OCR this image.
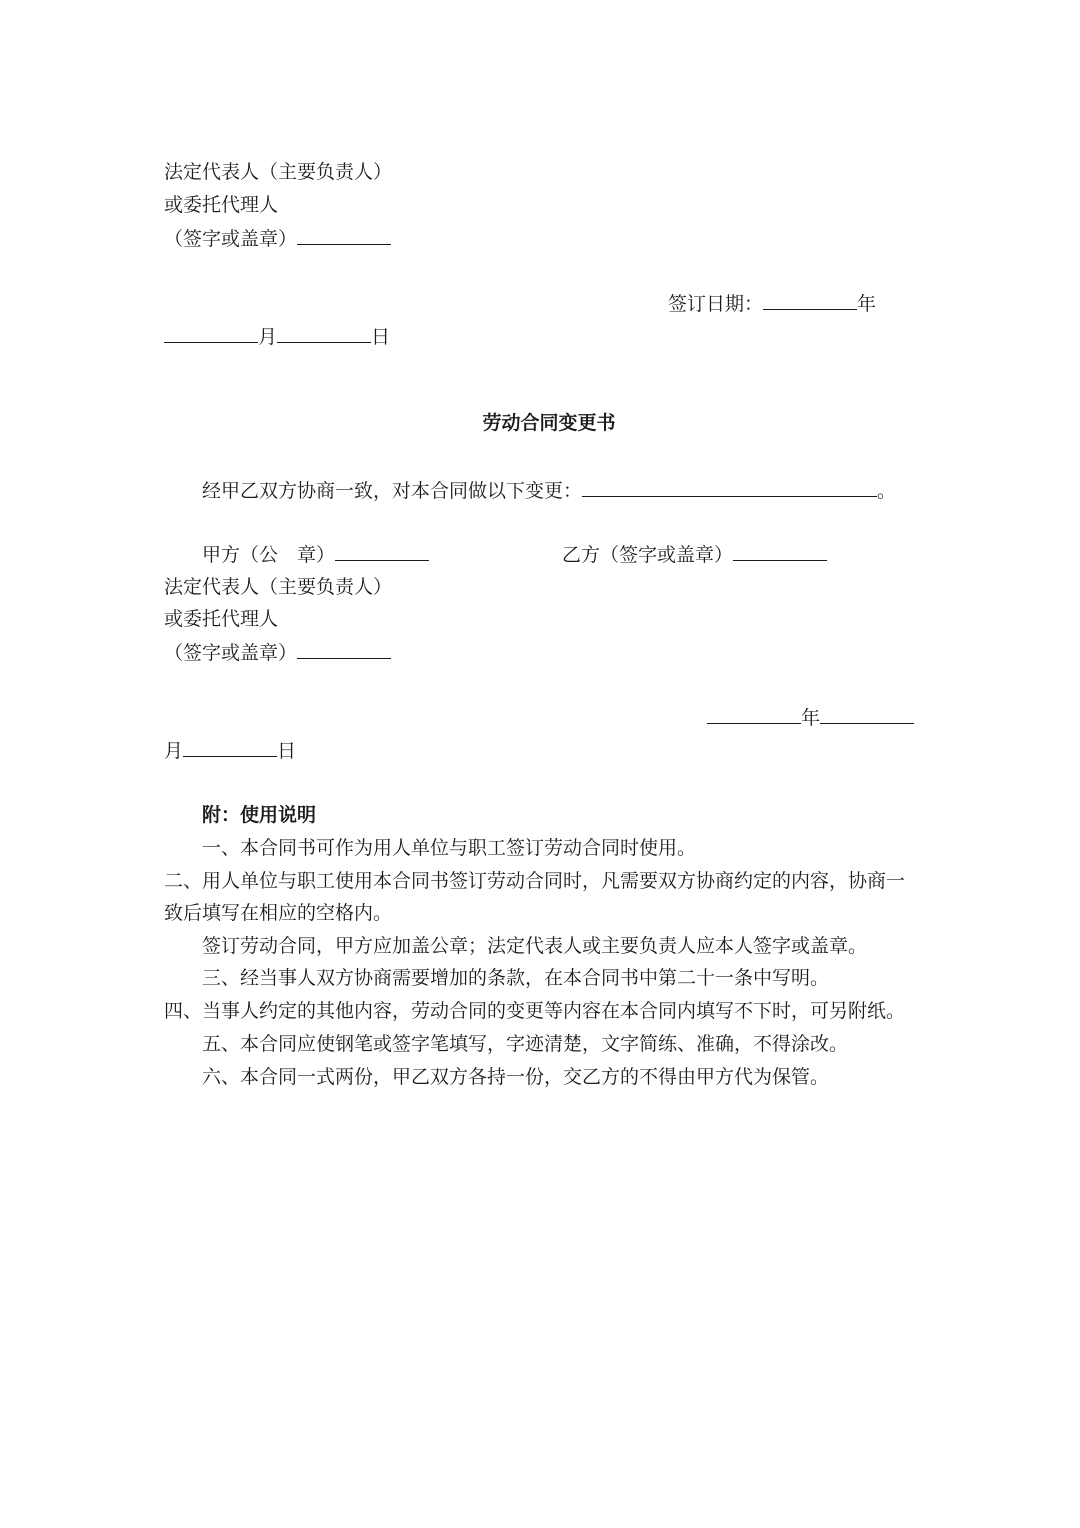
法定代表人（主要负责人）
或委托代理人
（签字或盖章）
签订日期：	年
月	日
劳动合同变更书
经甲乙双方协商一致，对本合同做以下变更：	。
甲方（公　章）	乙方（签字或盖章）
法定代表人（主要负责人）
或委托代理人
（签字或盖章）
年
月	日
附：使用说明
一、本合同书可作为用人单位与职工签订劳动合同时使用。
二、用人单位与职工使用本合同书签订劳动合同时，凡需要双方协商约定的内容，协商一
致后填写在相应的空格内。
签订劳动合同，甲方应加盖公章；法定代表人或主要负责人应本人签字或盖章。
三、经当事人双方协商需要增加的条款，在本合同书中第二十一条中写明。
四、当事人约定的其他内容，劳动合同的变更等内容在本合同内填写不下时，可另附纸。
五、本合同应使钢笔或签字笔填写，字迹清楚，文字简练、准确，不得涂改。
六、本合同一式两份，甲乙双方各持一份，交乙方的不得由甲方代为保管。
